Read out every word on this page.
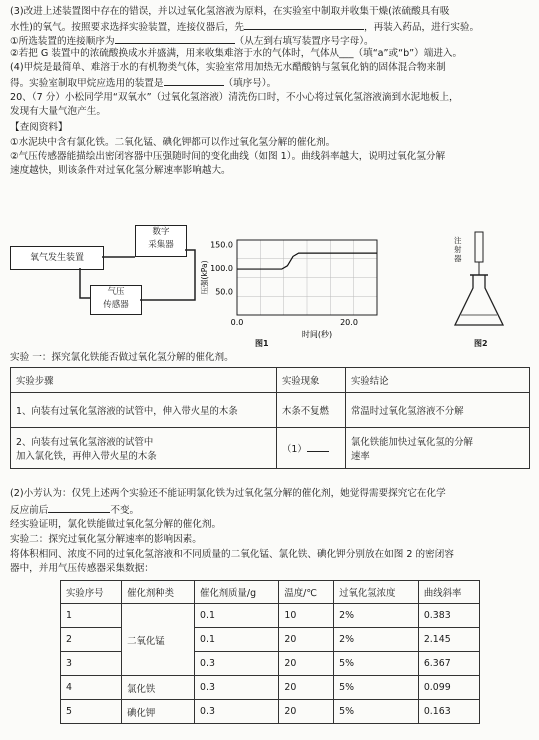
(3)改进上述装置图中存在的错误，并以过氧化氢溶液为原料，在实验室中制取并收集干燥(浓硫酸具有吸
水性)的氧气。按照要求选择实验装置，连接仪器后，先	，再装入药品，进行实验。
①所选装置的连接顺序为	（从左到右填写装置序号字母）。
②若把 G 装置中的浓硫酸换成水并盛满，用来收集难溶于水的气体时，气体从___（填“a”或“b”）端进入。
(4)甲烷是最简单、难溶于水的有机物类气体，实验室常用加热无水醋酸钠与氢氧化钠的固体混合物来制
得。实验室制取甲烷应选用的装置是	（填序号）。
20、（7 分）小松同学用“双氧水”（过氧化氢溶液）清洗伤口时，不小心将过氧化氢溶液滴到水泥地板上，
发现有大量气泡产生。
【查阅资料】
①水泥块中含有氯化铁。二氧化锰、碘化钾都可以作过氧化氢分解的催化剂。
②气压传感器能描绘出密闭容器中压强随时间的变化曲线（如图 1）。曲线斜率越大，说明过氧化氢分解
速度越快，则该条件对过氧化氢分解速率影响越大。
氧气发生装置
数字
采集器
气压
传感器
150.0
100.0
50.0
0.0	20.0
时间(秒)
压强(kPa)
图1
注射器
图2
实验 一：探究氯化铁能否做过氧化氢分解的催化剂。
实验步骤	实验现象	实验结论
1、向装有过氧化氢溶液的试管中，伸入带火星的木条	木条不复燃	常温时过氧化氢溶液不分解
2、向装有过氧化氢溶液的试管中
加入氯化铁，再伸入带火星的木条	（1）	氯化铁能加快过氧化氢的分解
速率
(2)小芳认为：仅凭上述两个实验还不能证明氯化铁为过氧化氢分解的催化剂，她觉得需要探究它在化学
反应前后	不变。
经实验证明，氯化铁能做过氧化氢分解的催化剂。
实验二：探究过氧化氢分解速率的影响因素。
将体积相同、浓度不同的过氧化氢溶液和不同质量的二氧化锰、氯化铁、碘化钾分别放在如图 2 的密闭容
器中，并用气压传感器采集数据：
实验序号	催化剂种类	催化剂质量/g	温度/℃	过氧化氢浓度	曲线斜率
1	二氧化锰	0.1	10	2%	0.383
2		0.1	20	2%	2.145
3		0.3	20	5%	6.367
4	氯化铁	0.3	20	5%	0.099
5	碘化钾	0.3	20	5%	0.163
